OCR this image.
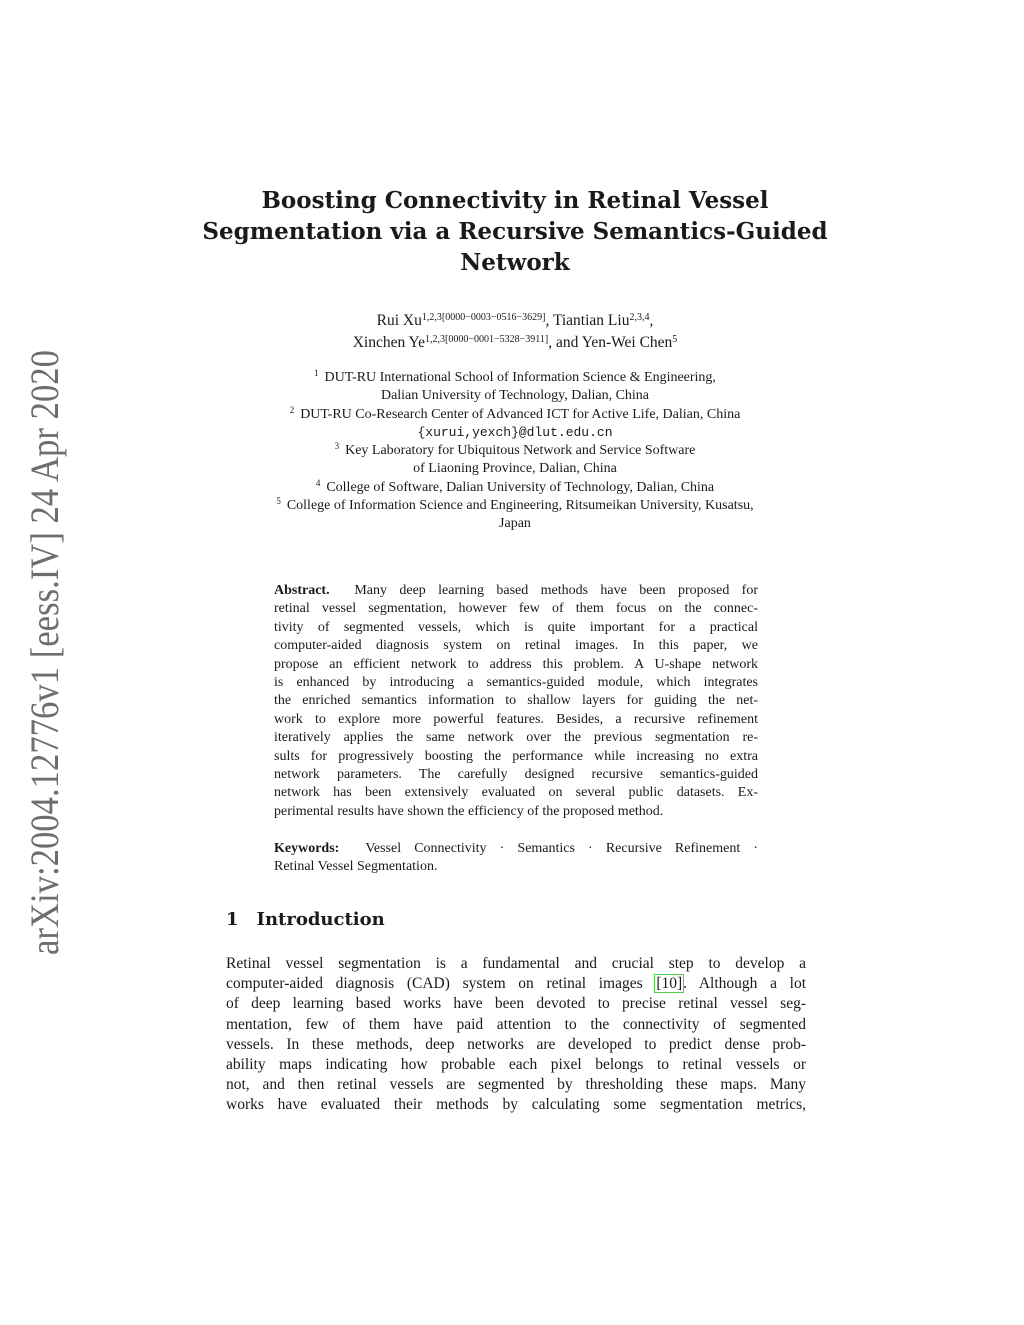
arXiv:2004.12776v1 [eess.IV] 24 Apr 2020
Boosting Connectivity in Retinal Vessel
Segmentation via a Recursive Semantics-Guided
Network
Rui $Xu^{1,2,3[0000-0003-0516-3629]}$, Tiantian Liu$^{2,3,4}$,
Xinchen $Ye^{1,2,3[0000-0001-5328-3911]}$, and Yen-Wei Chen$^5$
$^1$ DUT-RU International School of Information Science & Engineering,
Dalian University of Technology, Dalian, China
$^2$ DUT-RU Co-Research Center of Advanced ICT for Active Life, Dalian, China
{xurui,yexch}@dlut.edu.cn
$^3$ Key Laboratory for Ubiquitous Network and Service Software
of Liaoning Province, Dalian, China
$^4$ College of Software, Dalian University of Technology, Dalian, China
$^5$ College of Information Science and Engineering, Ritsumeikan University, Kusatsu,
Japan
Abstract. Many deep learning based methods have been proposed for
retinal vessel segmentation, however few of them focus on the connec-
tivity of segmented vessels, which is quite important for a practical
computer-aided diagnosis system on retinal images. In this paper, we
propose an efficient network to address this problem. A U-shape network
is enhanced by introducing a semantics-guided module, which integrates
the enriched semantics information to shallow layers for guiding the net-
work to explore more powerful features. Besides, a recursive refinement
iteratively applies the same network over the previous segmentation re-
sults for progressively boosting the performance while increasing no extra
network parameters. The carefully designed recursive semantics-guided
network has been extensively evaluated on several public datasets. Ex-
perimental results have shown the efficiency of the proposed method.
Keywords: Vessel Connectivity · Semantics · Recursive Refinement ·
Retinal Vessel Segmentation.
1 Introduction
Retinal vessel segmentation is a fundamental and crucial step to develop a
computer-aided diagnosis (CAD) system on retinal images [10]. Although a lot
of deep learning based works have been devoted to precise retinal vessel seg-
mentation, few of them have paid attention to the connectivity of segmented
vessels. In these methods, deep networks are developed to predict dense prob-
ability maps indicating how probable each pixel belongs to retinal vessels or
not, and then retinal vessels are segmented by thresholding these maps. Many
works have evaluated their methods by calculating some segmentation metrics,
